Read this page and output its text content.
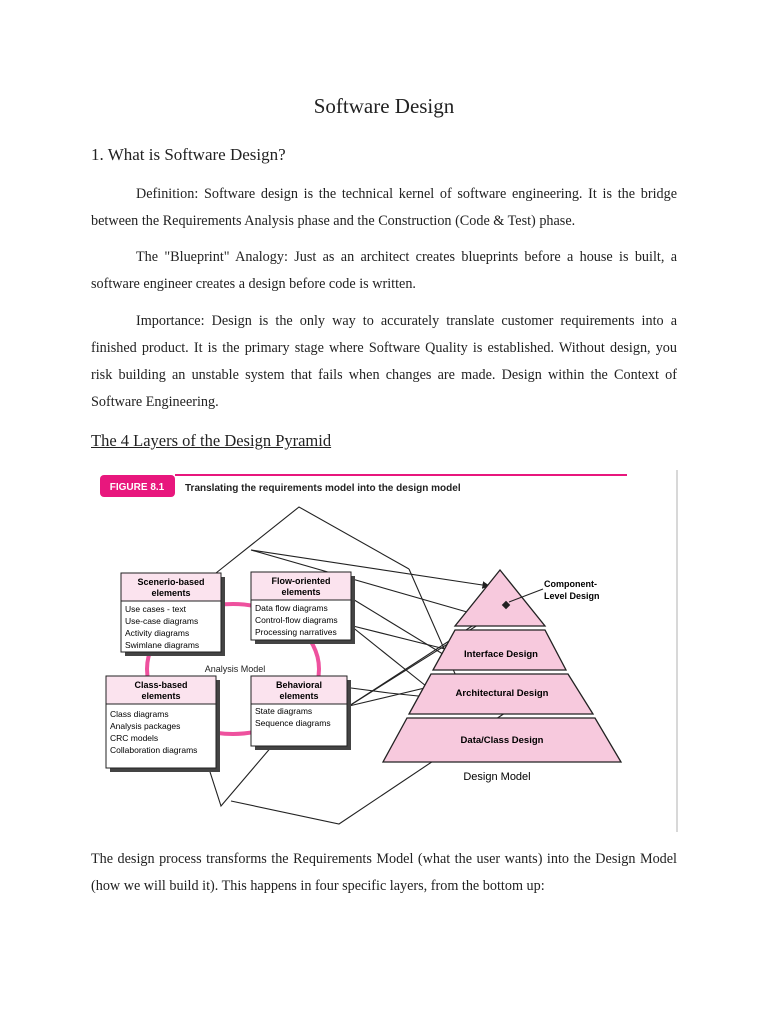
Software Design
1. What is Software Design?
Definition: Software design is the technical kernel of software engineering. It is the bridge between the Requirements Analysis phase and the Construction (Code & Test) phase.
The "Blueprint" Analogy: Just as an architect creates blueprints before a house is built, a software engineer creates a design before code is written.
Importance: Design is the only way to accurately translate customer requirements into a finished product. It is the primary stage where Software Quality is established. Without design, you risk building an unstable system that fails when changes are made. Design within the Context of Software Engineering.
The 4 Layers of the Design Pyramid
FIGURE 8.1 Translating the requirements model into the design model
Analysis Model
Scenerio-based
elements
Use cases - text
Use-case diagrams
Activity diagrams
Swimlane diagrams
Flow-oriented
elements
Data flow diagrams
Control-flow diagrams
Processing narratives
Class-based
elements
Class diagrams
Analysis packages
CRC models
Collaboration diagrams
Behavioral
elements
State diagrams
Sequence diagrams
Component-
Level Design
Interface Design
Architectural Design
Data/Class Design
Design Model
The design process transforms the Requirements Model (what the user wants) into the Design Model (how we will build it). This happens in four specific layers, from the bottom up:
